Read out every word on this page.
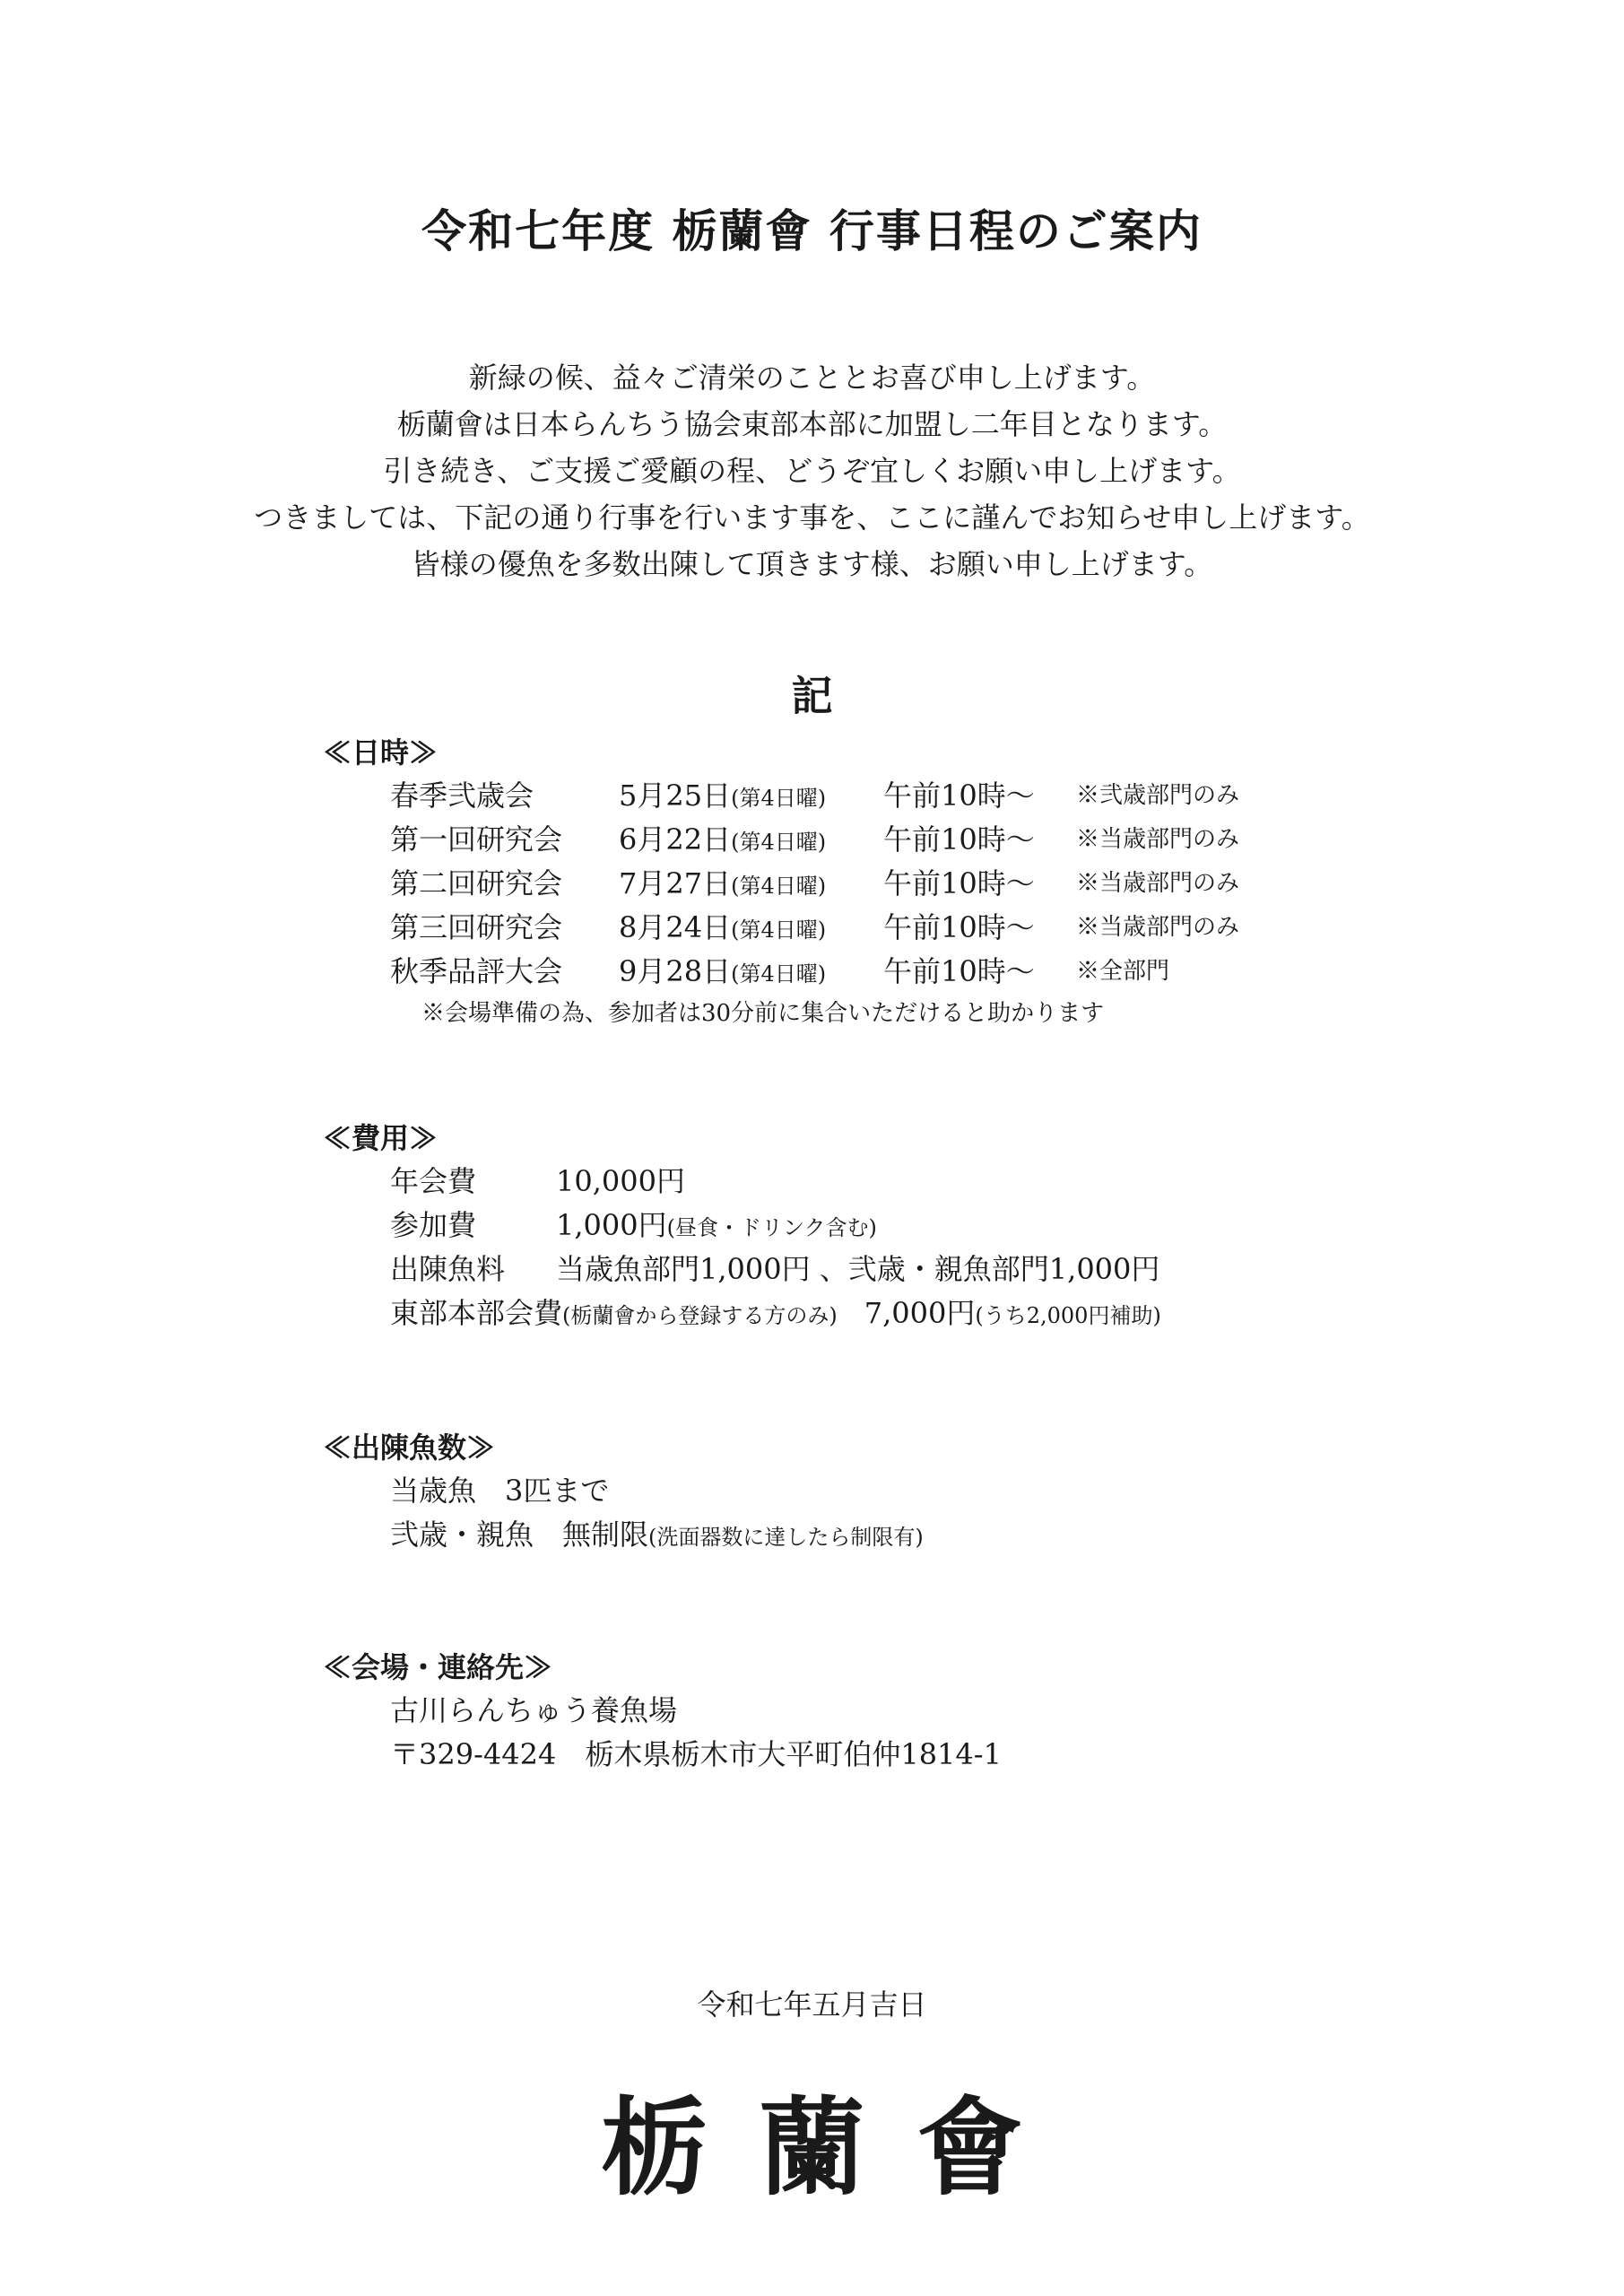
令和七年度 栃蘭會 行事日程のご案内
新緑の候、益々ご清栄のこととお喜び申し上げます。
栃蘭會は日本らんちう協会東部本部に加盟し二年目となります。
引き続き、ご支援ご愛顧の程、どうぞ宜しくお願い申し上げます。
つきましては、下記の通り行事を行います事を、ここに謹んでお知らせ申し上げます。
皆様の優魚を多数出陳して頂きます様、お願い申し上げます。
記
≪日時≫
春季弐歳会	5月25日(第4日曜) 午前10時～ ※弐歳部門のみ
第一回研究会 6月22日(第4日曜) 午前10時～ ※当歳部門のみ
第二回研究会 7月27日(第4日曜) 午前10時～ ※当歳部門のみ
第三回研究会 8月24日(第4日曜) 午前10時～ ※当歳部門のみ
秋季品評大会 9月28日(第4日曜) 午前10時～ ※全部門
※会場準備の為、参加者は30分前に集合いただけると助かります
≪費用≫
年会費	10,000円
参加費	1,000円(昼食・ドリンク含む)
出陳魚料 当歳魚部門1,000円 、弐歳・親魚部門1,000円
東部本部会費(栃蘭會から登録する方のみ) 7,000円(うち2,000円補助)
≪出陳魚数≫
当歳魚　3匹まで
弐歳・親魚　無制限(洗面器数に達したら制限有)
≪会場・連絡先≫
古川らんちゅう養魚場
〒329-4424　栃木県栃木市大平町伯仲1814-1
令和七年五月吉日
栃蘭會
